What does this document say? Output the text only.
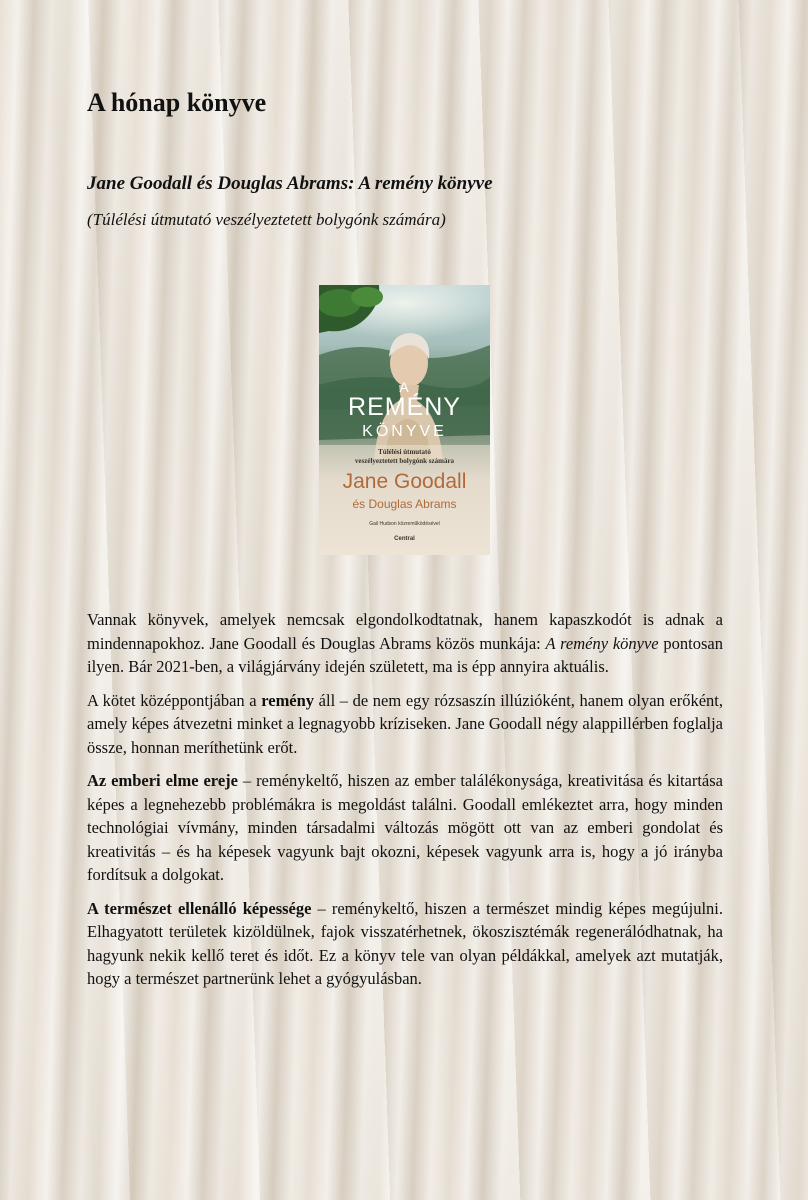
A hónap könyve
Jane Goodall és Douglas Abrams: A remény könyve

(Túlélési útmutató veszélyeztetett bolygónk számára)

A
REMÉNY
KÖNYVE
Túlélési útmutató
veszélyeztetett bolygónk számára
Jane Goodall
és Douglas Abrams
Gail Hudson közreműködésével
Central

Vannak könyvek, amelyek nemcsak elgondolkodtatnak, hanem kapaszkodót is adnak a mindennapokhoz. Jane Goodall és Douglas Abrams közös munkája: A remény könyve pontosan ilyen. Bár 2021-ben, a világjárvány idején született, ma is épp annyira aktuális.

A kötet középpontjában a remény áll – de nem egy rózsaszín illúzióként, hanem olyan erőként, amely képes átvezetni minket a legnagyobb kríziseken. Jane Goodall négy alappillérben foglalja össze, honnan meríthetünk erőt.

Az emberi elme ereje – reménykeltő, hiszen az ember találékonysága, kreativitása és kitartása képes a legnehezebb problémákra is megoldást találni. Goodall emlékeztet arra, hogy minden technológiai vívmány, minden társadalmi változás mögött ott van az emberi gondolat és kreativitás – és ha képesek vagyunk bajt okozni, képesek vagyunk arra is, hogy a jó irányba fordítsuk a dolgokat.

A természet ellenálló képessége – reménykeltő, hiszen a természet mindig képes megújulni. Elhagyatott területek kizöldülnek, fajok visszatérhetnek, ökoszisztémák regenerálódhatnak, ha hagyunk nekik kellő teret és időt. Ez a könyv tele van olyan példákkal, amelyek azt mutatják, hogy a természet partnerünk lehet a gyógyulásban.
